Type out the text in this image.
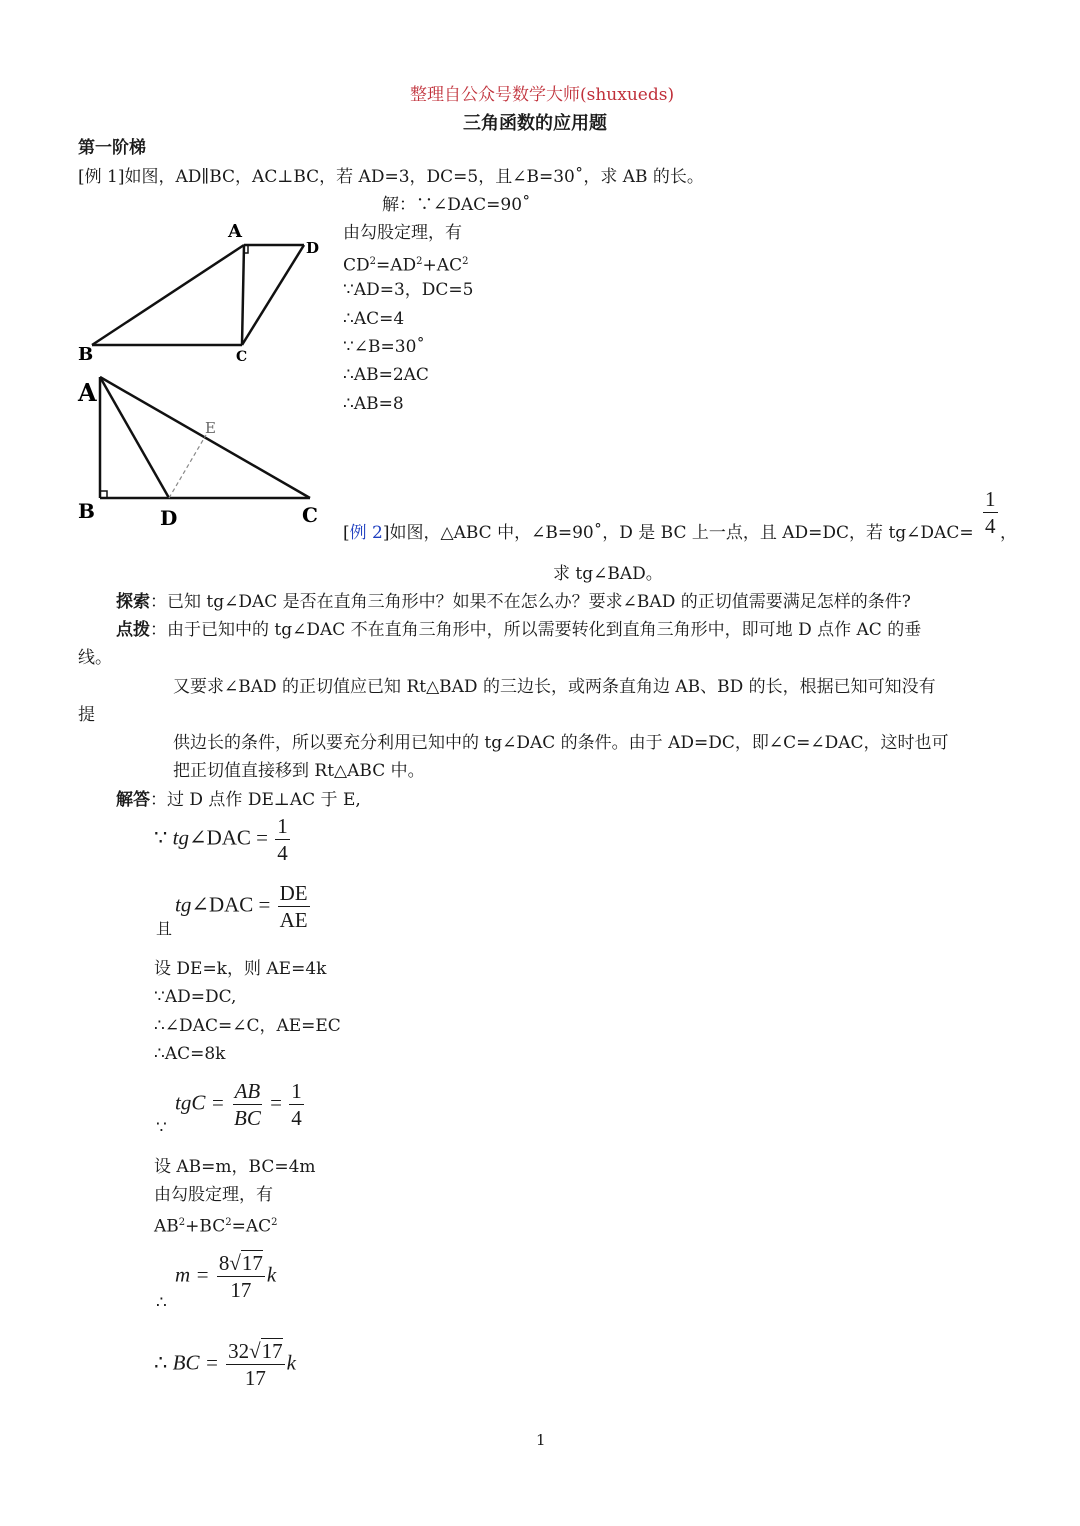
整理自公众号数学大师(shuxueds)
三角函数的应用题
第一阶梯
[例 1]如图，AD∥BC，AC⊥BC，若 AD=3，DC=5，且∠B=30˚，求 AB 的长。
解：∵∠DAC=90˚
由勾股定理，有
$CD^2=AD^2+AC^2$
∵AD=3，DC=5
∴AC=4
∵∠B=30˚
∴AB=2AC
∴AB=8
A
D
B	C
A
E
B	D	C
[例 2]如图，△ABC 中，∠B=90˚，D 是 BC 上一点，且 AD=DC，若 tg∠DAC= $\frac{1}{4}$ ，
求 tg∠BAD。
探索：已知 tg∠DAC 是否在直角三角形中？如果不在怎么办？要求∠BAD 的正切值需要满足怎样的条件?
点拨：由于已知中的 tg∠DAC 不在直角三角形中，所以需要转化到直角三角形中，即可地 D 点作 AC 的垂
线。
又要求∠BAD 的正切值应已知 Rt△BAD 的三边长，或两条直角边 AB、BD 的长，根据已知可知没有
提
供边长的条件，所以要充分利用已知中的 tg∠DAC 的条件。由于 AD=DC，即∠C=∠DAC，这时也可
把正切值直接移到 Rt△ABC 中。
解答：过 D 点作 DE⊥AC 于 E,
∵ tg∠DAC = $\frac{1}{4}$
且
tg∠DAC = $\frac{DE}{AE}$
设 DE=k，则 AE=4k
∵AD=DC,
∴∠DAC=∠C，AE=EC
∴AC=8k
∵
tgC = $\frac{AB}{BC} = \frac{1}{4}$
设 AB=m，BC=4m
由勾股定理，有
$AB^2+BC^2=AC^2$
∴
$m = \frac{8√17}{17}$ k
∴ BC = $\frac{32√17}{17}$ k
1
